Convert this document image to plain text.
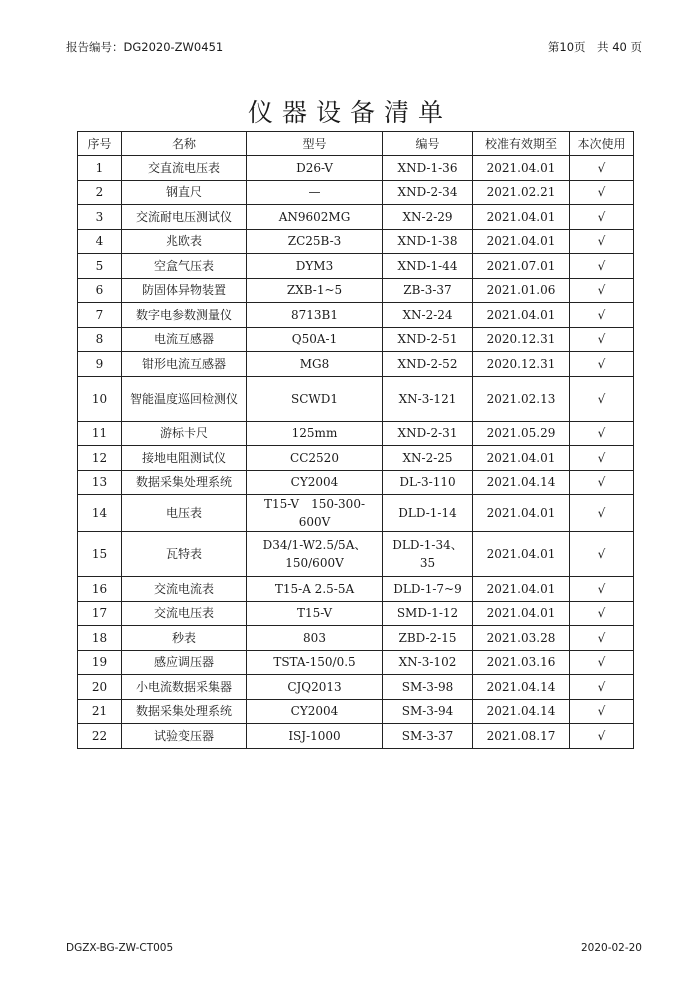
报告编号：DG2020-ZW0451	第10页　共 40 页
仪器设备清单
序号	名称	型号	编号	校准有效期至	本次使用
1	交直流电压表	D26-V	XND-1-36	2021.04.01	√
2	钢直尺	—	XND-2-34	2021.02.21	√
3	交流耐电压测试仪	AN9602MG	XN-2-29	2021.04.01	√
4	兆欧表	ZC25B-3	XND-1-38	2021.04.01	√
5	空盒气压表	DYM3	XND-1-44	2021.07.01	√
6	防固体异物装置	ZXB-1~5	ZB-3-37	2021.01.06	√
7	数字电参数测量仪	8713B1	XN-2-24	2021.04.01	√
8	电流互感器	Q50A-1	XND-2-51	2020.12.31	√
9	钳形电流互感器	MG8	XND-2-52	2020.12.31	√
10	智能温度巡回检测仪	SCWD1	XN-3-121	2021.02.13	√
11	游标卡尺	125mm	XND-2-31	2021.05.29	√
12	接地电阻测试仪	CC2520	XN-2-25	2021.04.01	√
13	数据采集处理系统	CY2004	DL-3-110	2021.04.14	√
14	电压表	T15-V　150-300-600V	DLD-1-14	2021.04.01	√
15	瓦特表	D34/1-W2.5/5A、150/600V	DLD-1-34、35	2021.04.01	√
16	交流电流表	T15-A 2.5-5A	DLD-1-7~9	2021.04.01	√
17	交流电压表	T15-V	SMD-1-12	2021.04.01	√
18	秒表	803	ZBD-2-15	2021.03.28	√
19	感应调压器	TSTA-150/0.5	XN-3-102	2021.03.16	√
20	小电流数据采集器	CJQ2013	SM-3-98	2021.04.14	√
21	数据采集处理系统	CY2004	SM-3-94	2021.04.14	√
22	试验变压器	ISJ-1000	SM-3-37	2021.08.17	√
DGZX-BG-ZW-CT005	2020-02-20
